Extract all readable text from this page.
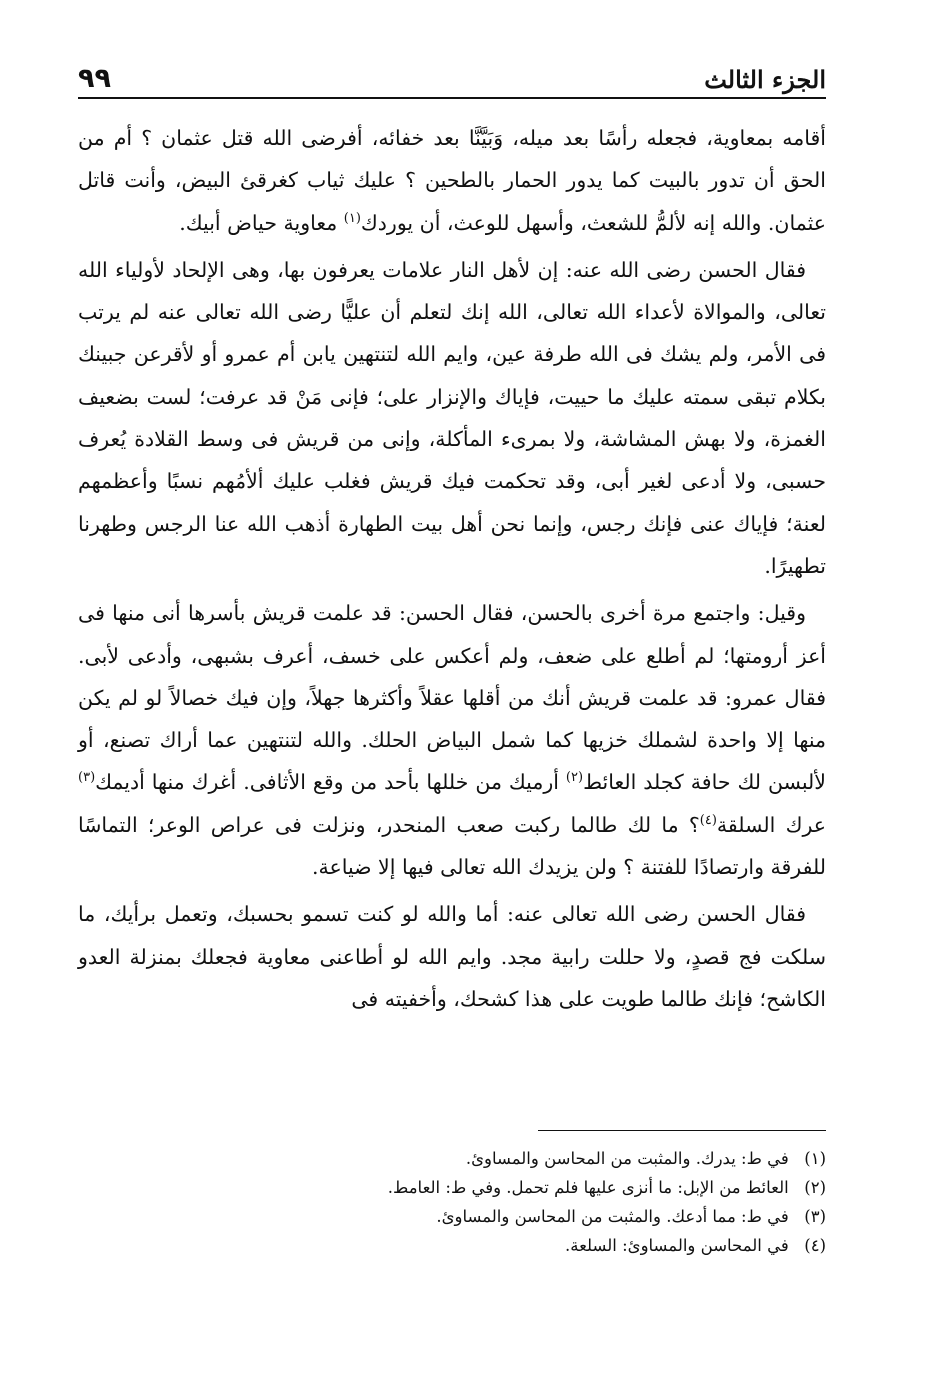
الجزء الثالث
٩٩

أقامه بمعاوية، فجعله رأسًا بعد ميله، وَبَيَّنَّا بعد خفائه، أفرضى الله قتل عثمان ؟ أم من الحق أن تدور بالبيت كما يدور الحمار بالطحين ؟ عليك ثياب كغرقئ البيض، وأنت قاتل عثمان. والله إنه لألمُّ للشعث، وأسهل للوعث، أن يوردك$^{(١)}$ معاوية حياض أبيك.

فقال الحسن رضى الله عنه: إن لأهل النار علامات يعرفون بها، وهى الإلحاد لأولياء الله تعالى، والموالاة لأعداء الله تعالى، الله إنك لتعلم أن عليًّا رضى الله تعالى عنه لم يرتب فى الأمر، ولم يشك فى الله طرفة عين، وايم الله لتنتهين يابن أم عمرو أو لأقرعن جبينك بكلام تبقى سمته عليك ما حييت، فإياك والإنزار على؛ فإنى مَنْ قد عرفت؛ لست بضعيف الغمزة، ولا بهش المشاشة، ولا بمرىء المأكلة، وإنى من قريش فى وسط القلادة يُعرف حسبى، ولا أدعى لغير أبى، وقد تحكمت فيك قريش فغلب عليك ألأمُهم نسبًا وأعظمهم لعنة؛ فإياك عنى فإنك رجس، وإنما نحن أهل بيت الطهارة أذهب الله عنا الرجس وطهرنا تطهيرًا.

وقيل: واجتمع مرة أخرى بالحسن، فقال الحسن: قد علمت قريش بأسرها أنى منها فى أعز أرومتها؛ لم أطلع على ضعف، ولم أعكس على خسف، أعرف بشبهى، وأدعى لأبى. فقال عمرو: قد علمت قريش أنك من أقلها عقلاً وأكثرها جهلاً، وإن فيك خصالاً لو لم يكن منها إلا واحدة لشملك خزيها كما شمل البياض الحلك. والله لتنتهين عما أراك تصنع، أو لألبسن لك حافة كجلد العائط$^{(٢)}$ أرميك من خللها بأحد من وقع الأثافى. أغرك منها أديمك$^{(٣)}$ عرك السلقة$^{(٤)}$؟ ما لك طالما ركبت صعب المنحدر، ونزلت فى عراص الوعر؛ التماسًا للفرقة وارتصادًا للفتنة ؟ ولن يزيدك الله تعالى فيها إلا ضياعة.

فقال الحسن رضى الله تعالى عنه: أما والله لو كنت تسمو بحسبك، وتعمل برأيك، ما سلكت فج قصدٍ، ولا حللت رابية مجد. وايم الله لو أطاعنى معاوية فجعلك بمنزلة العدو الكاشح؛ فإنك طالما طويت على هذا كشحك، وأخفيته فى

(١) في ط: يدرك. والمثبت من المحاسن والمساوئ.
(٢) العائط من الإبل: ما أنزى عليها فلم تحمل. وفي ط: العامط.
(٣) في ط: مما أدعك. والمثبت من المحاسن والمساوئ.
(٤) في المحاسن والمساوئ: السلعة.
